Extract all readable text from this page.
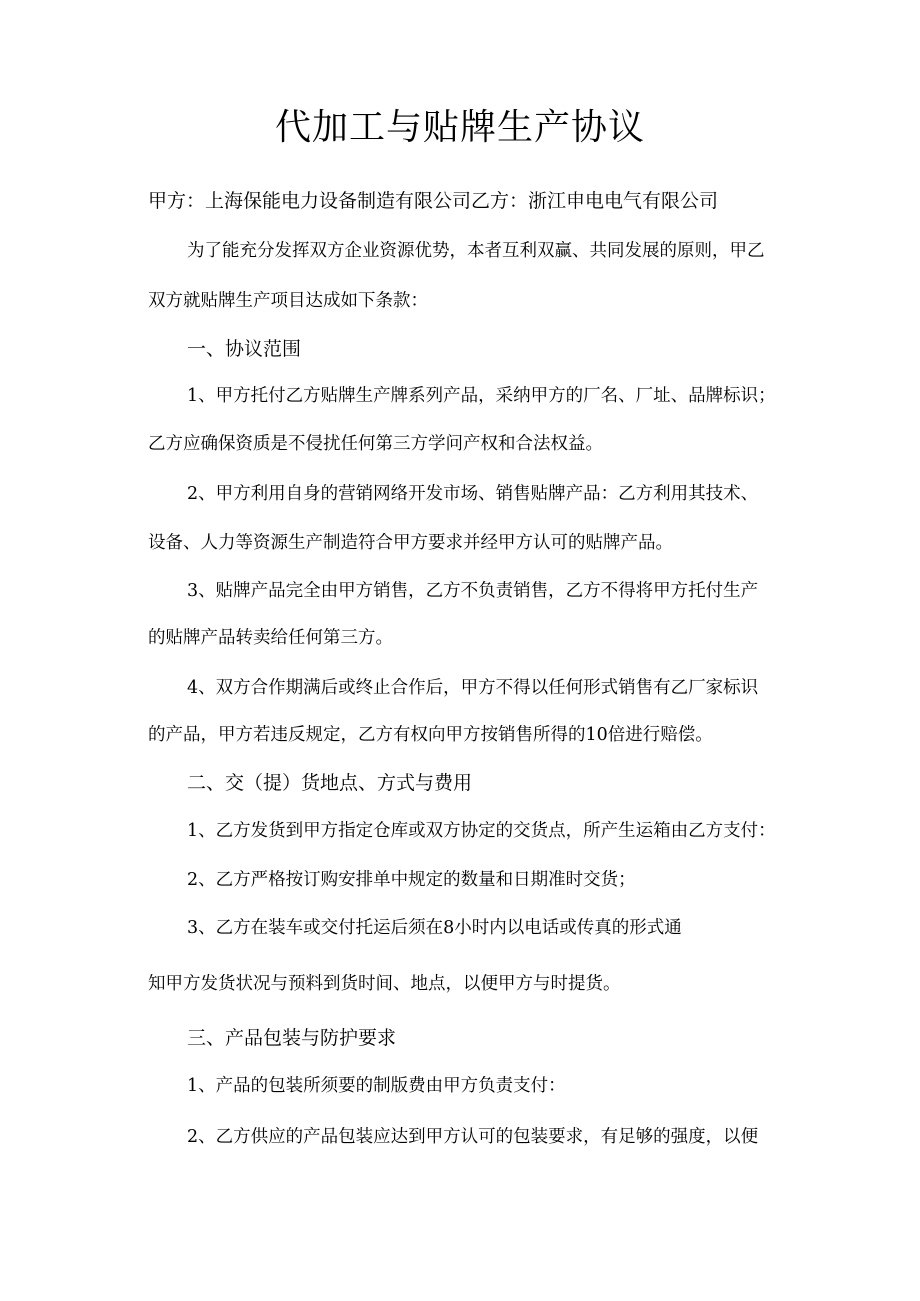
代加工与贴牌生产协议
甲方：上海保能电力设备制造有限公司乙方：浙江申电电气有限公司
为了能充分发挥双方企业资源优势，本者互利双赢、共同发展的原则，甲乙
双方就贴牌生产项目达成如下条款：
一、协议范围
1、甲方托付乙方贴牌生产牌系列产品，采纳甲方的厂名、厂址、品牌标识；
乙方应确保资质是不侵扰任何第三方学问产权和合法权益。
2、甲方利用自身的营销网络开发市场、销售贴牌产品：乙方利用其技术、
设备、人力等资源生产制造符合甲方要求并经甲方认可的贴牌产品。
3、贴牌产品完全由甲方销售，乙方不负责销售，乙方不得将甲方托付生产
的贴牌产品转卖给任何第三方。
4、双方合作期满后或终止合作后，甲方不得以任何形式销售有乙厂家标识
的产品，甲方若违反规定，乙方有权向甲方按销售所得的10倍进行赔偿。
二、交（提）货地点、方式与费用
1、乙方发货到甲方指定仓库或双方协定的交货点，所产生运箱由乙方支付：
2、乙方严格按订购安排单中规定的数量和日期准时交货；
3、乙方在装车或交付托运后须在8小时内以电话或传真的形式通
知甲方发货状况与预料到货时间、地点，以便甲方与时提货。
三、产品包装与防护要求
1、产品的包装所须要的制版费由甲方负责支付：
2、乙方供应的产品包装应达到甲方认可的包装要求，有足够的强度，以便
